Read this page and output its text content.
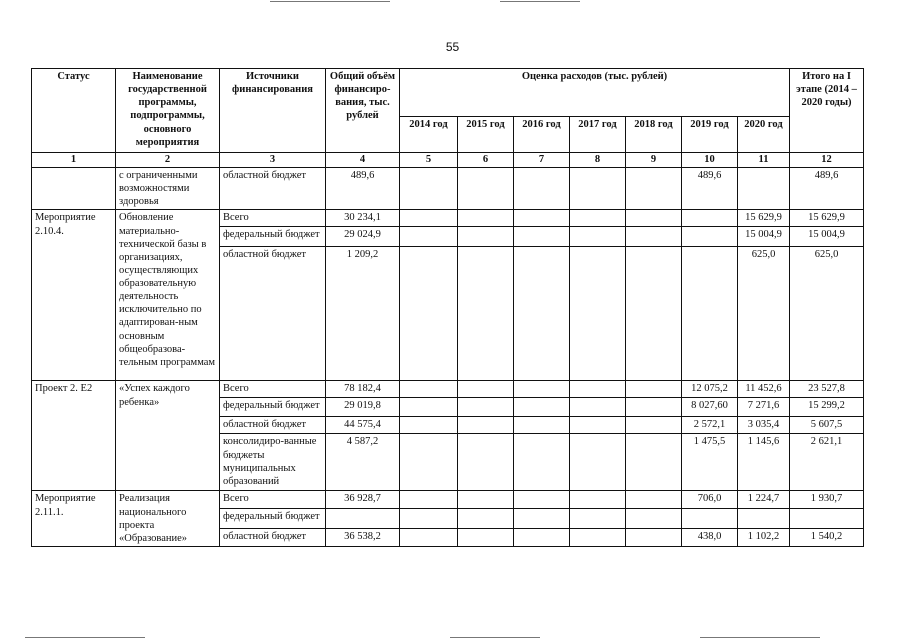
55
Статус	Наименование государственной программы, подпрограммы, основного мероприятия	Источники финансирования	Общий объём финансиро-вания, тыс. рублей	Оценка расходов (тыс. рублей)							Итого на I этапе (2014 – 2020 годы)
				2014 год	2015 год	2016 год	2017 год	2018 год	2019 год	2020 год	
1	2	3	4	5	6	7	8	9	10	11	12
	с ограниченными возможностями здоровья	областной бюджет	489,6						489,6		489,6
Мероприятие 2.10.4.	Обновление материально-технической базы в организациях, осуществляющих образовательную деятельность исключительно по адаптирован-ным основным общеобразова-тельным программам	Всего	30 234,1							15 629,9	15 629,9
		федеральный бюджет	29 024,9							15 004,9	15 004,9
		областной бюджет	1 209,2							625,0	625,0
Проект 2. Е2	«Успех каждого ребенка»	Всего	78 182,4						12 075,2	11 452,6	23 527,8
		федеральный бюджет	29 019,8						8 027,60	7 271,6	15 299,2
		областной бюджет	44 575,4						2 572,1	3 035,4	5 607,5
		консолидиро-ванные бюджеты муниципальных образований	4 587,2						1 475,5	1 145,6	2 621,1
Мероприятие 2.11.1.	Реализация национального проекта «Образование»	Всего	36 928,7						706,0	1 224,7	1 930,7
		федеральный бюджет									
		областной бюджет	36 538,2						438,0	1 102,2	1 540,2
